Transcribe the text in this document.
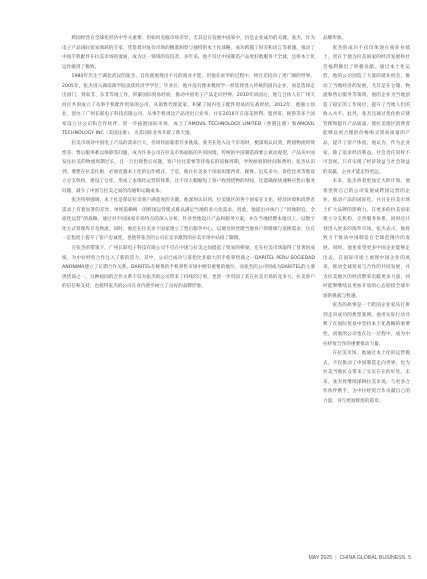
跨国经营在全球化经济中至关重要。但如何克服市场差异，尤其是在发展中国家中，仍是企业成功的关键。张杰，作为电子产品国际贸易领域的专家，凭借着对复杂市场的精准洞察与独特的本土化战略，成功跨越了时差和语言等难题，推动了中国手机配件在拉美市场的流通，成为这一领域的佼佼者。多年来，他不仅让中国制造产品更好地服务于全球，还将本土化运作做到了极致。

1984年出生于湖北武汉的张杰，自幼就展现出不凡的商业才能。但他在求学的过程中，将目光投向了更广阔的世界。2005年，张杰进入湖南商学院攻读经济学学位。毕业后，他并没有像多数同学一样选择进入传统的国内企业，而是选择走出国门，到南非、东非等地工作，积累国际贸易经验，推动中国电子产品走向世界。2010年回国后，他与合伙人在广州天河区共同成立了从事手机配件贸易的公司，从销售代理起家，积累了国内电子配件贸易的实战经验。2012年，他独立创业，创办了广州长联电子科技有限公司，从事手机周边产品进出口业务，并在2016年在南美智利、墨西哥、秘鲁等多个国家设立分公司和合作伙伴，进一步拓展国际市场，成立了AMOVIL TECHNOLOGY LIMITED（香港注册）和AMOVIL TECHNOLOGY INC（美国注册），为其国际业务开辟了新天地。

拉美市场对中国电子产品的需求巨大，但同样面临着许多挑战。张杰在进入这个市场时，便深刻认识到，跨国物流时效性差、售后服务难以保障等问题，成为许多公司在拉美市场面临的共同困境。传统的中国制造商要么被动观望，产品从中国发往拉美的物流周期过长，且一旦出现售后问题，客户往往需要等待漫长的返修周期，导致顾客的时间和费用。张杰认识到，要想在拉美扎根，必须克服本土化的运作模式。于是，他在拉美多个国家如墨西哥、秘鲁、厄瓜多尔、哥伦比亚等地设立分支机构，建设了仓库，形成了本地化运营的体系，这不仅大幅缩短了客户收到货物的时间，还能确保快速响应售后服务问题，减少了中国与拉美之间的沟通和运输成本。

张杰特别强调，本土化是保证拉美客户满意度的关键。他深刻认识到，拉美地区的各个国家在文化、经济环境和消费者需求上有着显著的差异，单纯依赖统一的跨国运营模式难以满足当地的多元化需求。因此，他提出并执行了“因地制宜、全面化运营”的战略，通过对不同国家市场特点的深入分析，针对性地设计产品和服务方案，并在当地招聘本地员工，以数字化方式管理库存及物流。同时，他还在拉美多个国家建立了售后服务中心，以便及时处理当地客户的维修与退换需求，这在一定程度上提升了客户忠诚度，也使得张杰的公司在竞争激烈的拉美市场中站稳了脚跟。

在张杰的带领下，广州长联电子科技有限公司不仅在中国与拉美之间搭起了贸易的桥梁，还在拉美市场取得了显著的成绩，为中拉经贸合作注入了新的活力。其中，公司已成功与哥伦比亚最大的手机零售商之一DARITEL PERU SOCIEDAD ANONIMA建立了长期合作关系。DARITEL在秘鲁的手机零售市场中拥有重要的地位，而张杰的公司则成为DARITEL的主要供货商之一。这种稳固的合作关系不仅为张杰的公司带来了持续的订单，也进一步巩固了其在拉美市场的竞争力。拉美客户的信任和支持，也使得张杰的公司在业内逐步树立了良好的品牌形象。

品牌形象。

张杰的成功不仅仅体现在商业业绩上，更在于他为拉美国家的经济发展和社会福利做出了积极贡献。通过本土化运营，他的公司创造了大量的就业机会，推动了当地经济的发展。尤其是在仓储、物流和售后服务等领域，他的企业为当地创造了稳定的工作岗位，提升了当地人们的收入水平。此外，张杰还通过优化供应链管理和提升产品质量，使拉美地区消费者能够以更合理的价格购买到高质量的产品，提升了客户体验。他认为，作为企业家，除了追求经济利益，社会责任同样不可忽视。只有实现了经济效益与社会效益的双赢，企业才能走得更远。

未来，张杰将着更加宏大的计划。他希望将自己的公司发展成跨国运营的企业，推动产品的国际化，并且在拉美市场上扩大品牌的影响力。在更多的拉美国家建立分支机构，完善服务体系，同时还计划进入更多的海外市场。张杰表示，他将致力于推动中国制造在全球范围内的发展。同时，他也希望更多中国企业能够走出去，在国际市场上展现中国企业的风采，推动全球贸易与合作的共同发展，并为拉美地区的经济繁荣贡献更多力量，同时能够继续以更加开放的心态迎接全球市场的挑战与机遇。

张杰的故事是一个跨国企业家从打拼到走向成功的典型案例。他用实际行动诠释了在国际贸易中坚持本土化战略的重要性，而他的公司也在这一过程中，成为中拉经贸合作的重要推动力量。

在拉美市场，他通过本土化的运营模式，不仅推动了中国制造走向世界，也为拉美当地民众带来了实实在在的好处。未来，张杰将继续深耕拉美市场，与更多合作伙伴携手，为中拉经贸合作贡献自己的力量，书写更加辉煌的篇章。

MAY 2025 | CHINA GLOBAL BUSINESS 5
